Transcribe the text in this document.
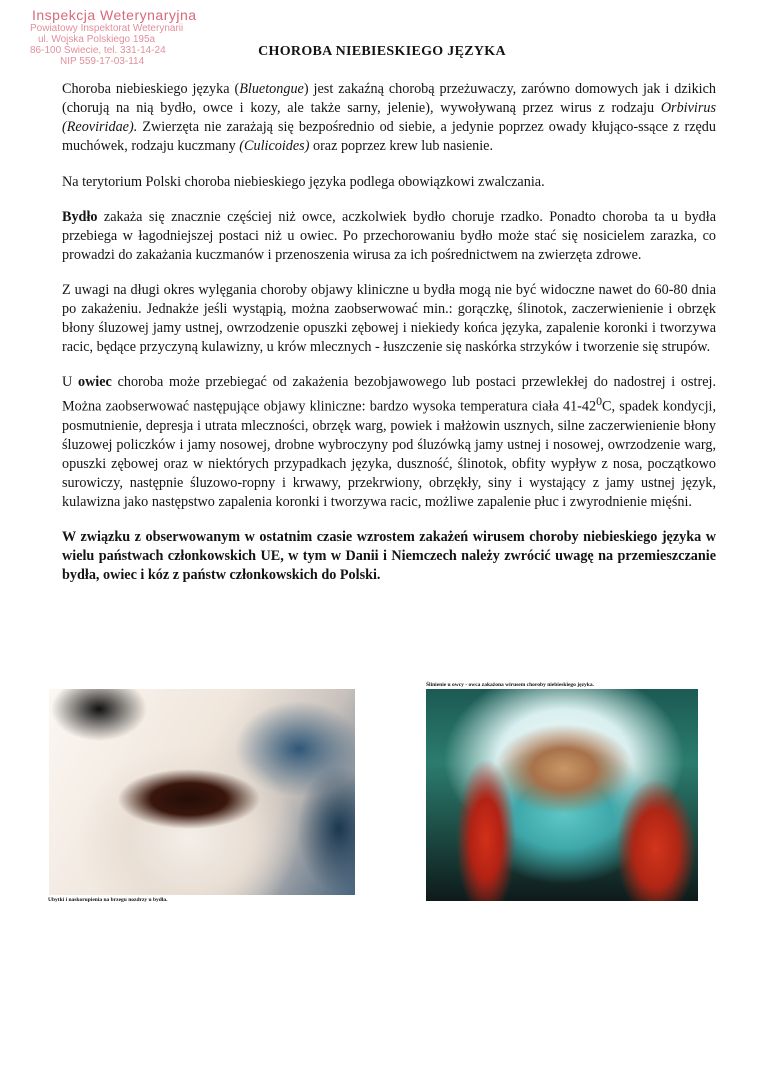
Inspekcja Weterynaryjna
Powiatowy Inspektorat Weterynarii
ul. Wojska Polskiego 195a
86-100 Świecie, tel. 331-14-24
NIP 559-17-03-114
CHOROBA NIEBIESKIEGO JĘZYKA

Choroba niebieskiego języka (Bluetongue) jest zakaźną chorobą przeżuwaczy, zarówno domowych jak i dzikich (chorują na nią bydło, owce i kozy, ale także sarny, jelenie), wywoływaną przez wirus z rodzaju Orbivirus (Reoviridae). Zwierzęta nie zarażają się bezpośrednio od siebie, a jedynie poprzez owady kłująco-ssące z rzędu muchówek, rodzaju kuczmany (Culicoides) oraz poprzez krew lub nasienie.

Na terytorium Polski choroba niebieskiego języka podlega obowiązkowi zwalczania.

Bydło zakaża się znacznie częściej niż owce, aczkolwiek bydło choruje rzadko. Ponadto choroba ta u bydła przebiega w łagodniejszej postaci niż u owiec. Po przechorowaniu bydło może stać się nosicielem zarazka, co prowadzi do zakażania kuczmanów i przenoszenia wirusa za ich pośrednictwem na zwierzęta zdrowe.

Z uwagi na długi okres wylęgania choroby objawy kliniczne u bydła mogą nie być widoczne nawet do 60-80 dnia po zakażeniu. Jednakże jeśli wystąpią, można zaobserwować min.: gorączkę, ślinotok, zaczerwienienie i obrzęk błony śluzowej jamy ustnej, owrzodzenie opuszki zębowej i niekiedy końca języka, zapalenie koronki i tworzywa racic, będące przyczyną kulawizny, u krów mlecznych - łuszczenie się naskórka strzyków i tworzenie się strupów.

U owiec choroba może przebiegać od zakażenia bezobjawowego lub postaci przewlekłej do nadostrej i ostrej. Można zaobserwować następujące objawy kliniczne: bardzo wysoka temperatura ciała $41-42^0C$, spadek kondycji, posmutnienie, depresja i utrata mleczności, obrzęk warg, powiek i małżowin usznych, silne zaczerwienienie błony śluzowej policzków i jamy nosowej, drobne wybroczyny pod śluzówką jamy ustnej i nosowej, owrzodzenie warg, opuszki zębowej oraz w niektórych przypadkach języka, duszność, ślinotok, obfity wypływ z nosa, początkowo surowiczy, następnie śluzowo-ropny i krwawy, przekrwiony, obrzękły, siny i wystający z jamy ustnej język, kulawizna jako następstwo zapalenia koronki i tworzywa racic, możliwe zapalenie płuc i zwyrodnienie mięśni.

W związku z obserwowanym w ostatnim czasie wzrostem zakażeń wirusem choroby niebieskiego języka w wielu państwach członkowskich UE, w tym w Danii i Niemczech należy zwrócić uwagę na przemieszczanie bydła, owiec i kóz z państw członkowskich do Polski.

Ubytki i naskorupienia na brzegu nozdrzy u bydła.
Ślinienie u owcy - owca zakażona wirusem choroby niebieskiego języka.
